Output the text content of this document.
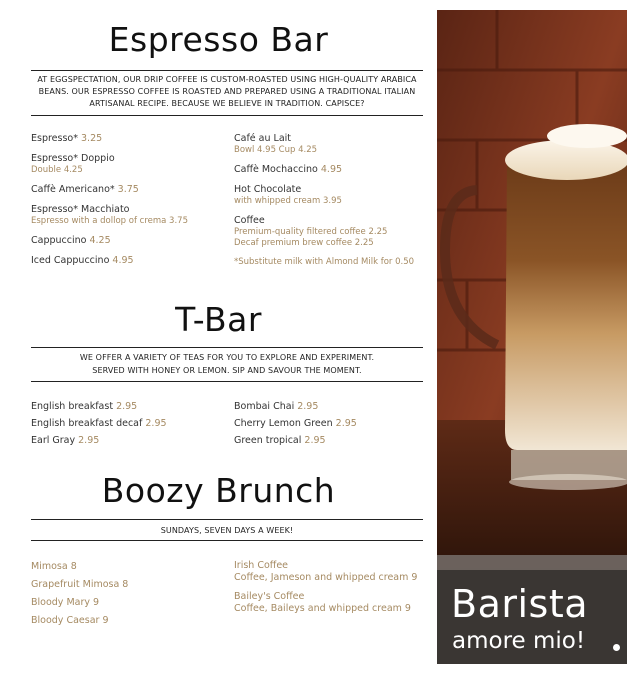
Espresso Bar

AT EGGSPECTATION, OUR DRIP COFFEE IS CUSTOM-ROASTED USING HIGH-QUALITY ARABICA BEANS. OUR ESPRESSO COFFEE IS ROASTED AND PREPARED USING A TRADITIONAL ITALIAN ARTISANAL RECIPE. BECAUSE WE BELIEVE IN TRADITION. CAPISCE?

Espresso* 3.25
Espresso* Doppio
Double 4.25
Caffè Americano* 3.75
Espresso* Macchiato
Espresso with a dollop of crema 3.75
Cappuccino 4.25
Iced Cappuccino 4.95
Café au Lait
Bowl 4.95 Cup 4.25
Caffè Mochaccino 4.95
Hot Chocolate
with whipped cream 3.95
Coffee
Premium-quality filtered coffee 2.25
Decaf premium brew coffee 2.25
*Substitute milk with Almond Milk for 0.50
T-Bar

WE OFFER A VARIETY OF TEAS FOR YOU TO EXPLORE AND EXPERIMENT.

SERVED WITH HONEY OR LEMON. SIP AND SAVOUR THE MOMENT.

English breakfast 2.95
English breakfast decaf 2.95
Earl Gray 2.95
Bombai Chai 2.95
Cherry Lemon Green 2.95
Green tropical 2.95
Boozy Brunch

SUNDAYS, SEVEN DAYS A WEEK!

Mimosa 8
Grapefruit Mimosa 8
Bloody Mary 9
Bloody Caesar 9
Irish Coffee
Coffee, Jameson and whipped cream 9
Bailey's Coffee
Coffee, Baileys and whipped cream 9 Barista
amore mio!
